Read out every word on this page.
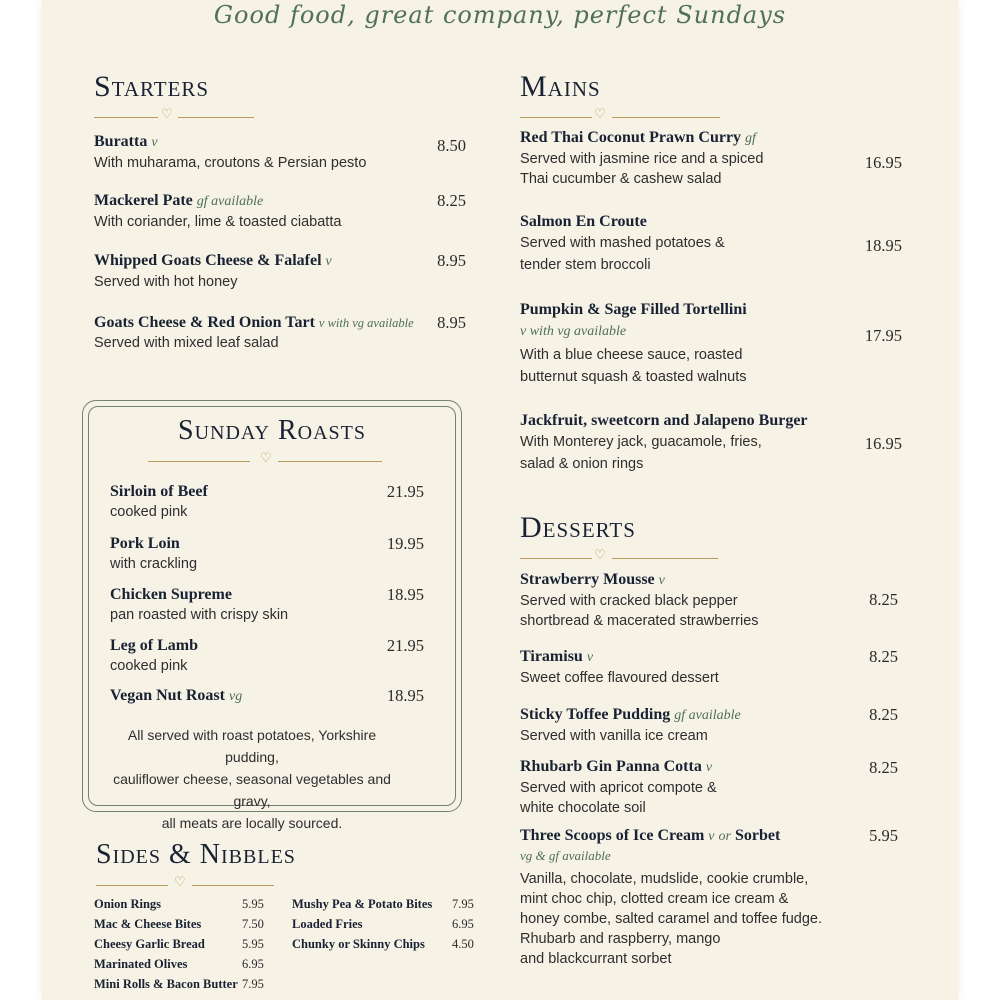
Good food, great company, perfect Sundays
Starters
♡
Buratta v
With muharama, croutons & Persian pesto
8.50
Mackerel Pate gf available
With coriander, lime & toasted ciabatta
8.25
Whipped Goats Cheese & Falafel v
Served with hot honey
8.95
Goats Cheese & Red Onion Tart v with vg available
Served with mixed leaf salad
8.95
Sunday Roasts
♡
Sirloin of Beef
cooked pink
21.95
Pork Loin
with crackling
19.95
Chicken Supreme
pan roasted with crispy skin
18.95
Leg of Lamb
cooked pink
21.95
Vegan Nut Roast vg	18.95
All served with roast potatoes, Yorkshire pudding,
cauliflower cheese, seasonal vegetables and gravy,
all meats are locally sourced.
Sides & Nibbles
♡
Onion Rings	5.95
Mac & Cheese Bites	7.50
Cheesy Garlic Bread	5.95
Marinated Olives	6.95
Mini Rolls & Bacon Butter 7.95
Mushy Pea & Potato Bites 7.95
Loaded Fries	6.95
Chunky or Skinny Chips 4.50
Mains
♡
Red Thai Coconut Prawn Curry gf
Served with jasmine rice and a spiced
Thai cucumber & cashew salad
16.95
Salmon En Croute
Served with mashed potatoes &
tender stem broccoli
18.95
Pumpkin & Sage Filled Tortellini
v with vg available
With a blue cheese sauce, roasted
butternut squash & toasted walnuts
17.95
Jackfruit, sweetcorn and Jalapeno Burger
With Monterey jack, guacamole, fries,
salad & onion rings
16.95
Desserts
♡
Strawberry Mousse v
Served with cracked black pepper
shortbread & macerated strawberries
8.25
Tiramisu v
Sweet coffee flavoured dessert
8.25
Sticky Toffee Pudding gf available
Served with vanilla ice cream
8.25
Rhubarb Gin Panna Cotta v
Served with apricot compote &
white chocolate soil
8.25
Three Scoops of Ice Cream v or Sorbet
vg & gf available
Vanilla, chocolate, mudslide, cookie crumble,
mint choc chip, clotted cream ice cream &
honey combe, salted caramel and toffee fudge.
Rhubarb and raspberry, mango
and blackcurrant sorbet
5.95
